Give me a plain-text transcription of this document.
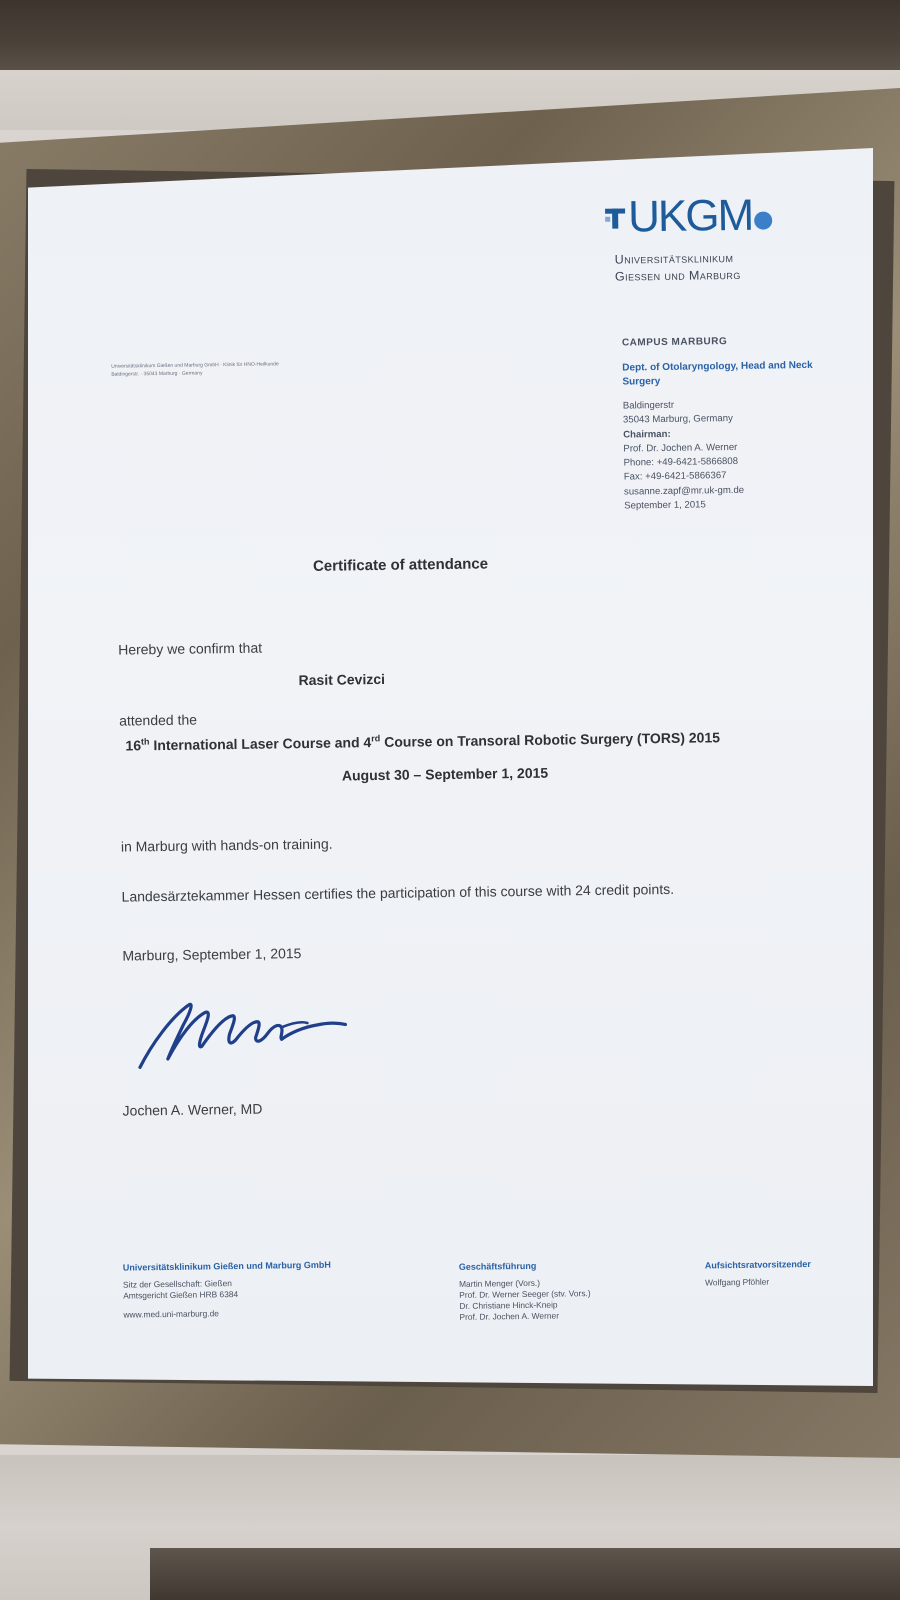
UKGM
Universitätsklinikum
Giessen und Marburg
Universitätsklinikum Gießen und Marburg GmbH · Klinik für HNO-Heilkunde
Baldingerstr. · 35043 Marburg · Germany
CAMPUS MARBURG
Dept. of Otolaryngology, Head and Neck Surgery
Baldingerstr
35043 Marburg, Germany
Chairman:
Prof. Dr. Jochen A. Werner
Phone: +49-6421-5866808
Fax: +49-6421-5866367
susanne.zapf@mr.uk-gm.de
September 1, 2015
Certificate of attendance
Hereby we confirm that
Rasit Cevizci
attended the
16th International Laser Course and 4rd Course on Transoral Robotic Surgery (TORS) 2015
August 30 – September 1, 2015
in Marburg with hands-on training.
Landesärztekammer Hessen certifies the participation of this course with 24 credit points.
Marburg, September 1, 2015
Jochen A. Werner, MD
Universitätsklinikum Gießen und Marburg GmbH
Sitz der Gesellschaft: Gießen
Amtsgericht Gießen HRB 6384
www.med.uni-marburg.de
Geschäftsführung
Martin Menger (Vors.)
Prof. Dr. Werner Seeger (stv. Vors.)
Dr. Christiane Hinck-Kneip
Prof. Dr. Jochen A. Werner
Aufsichtsratvorsitzender
Wolfgang Pföhler
